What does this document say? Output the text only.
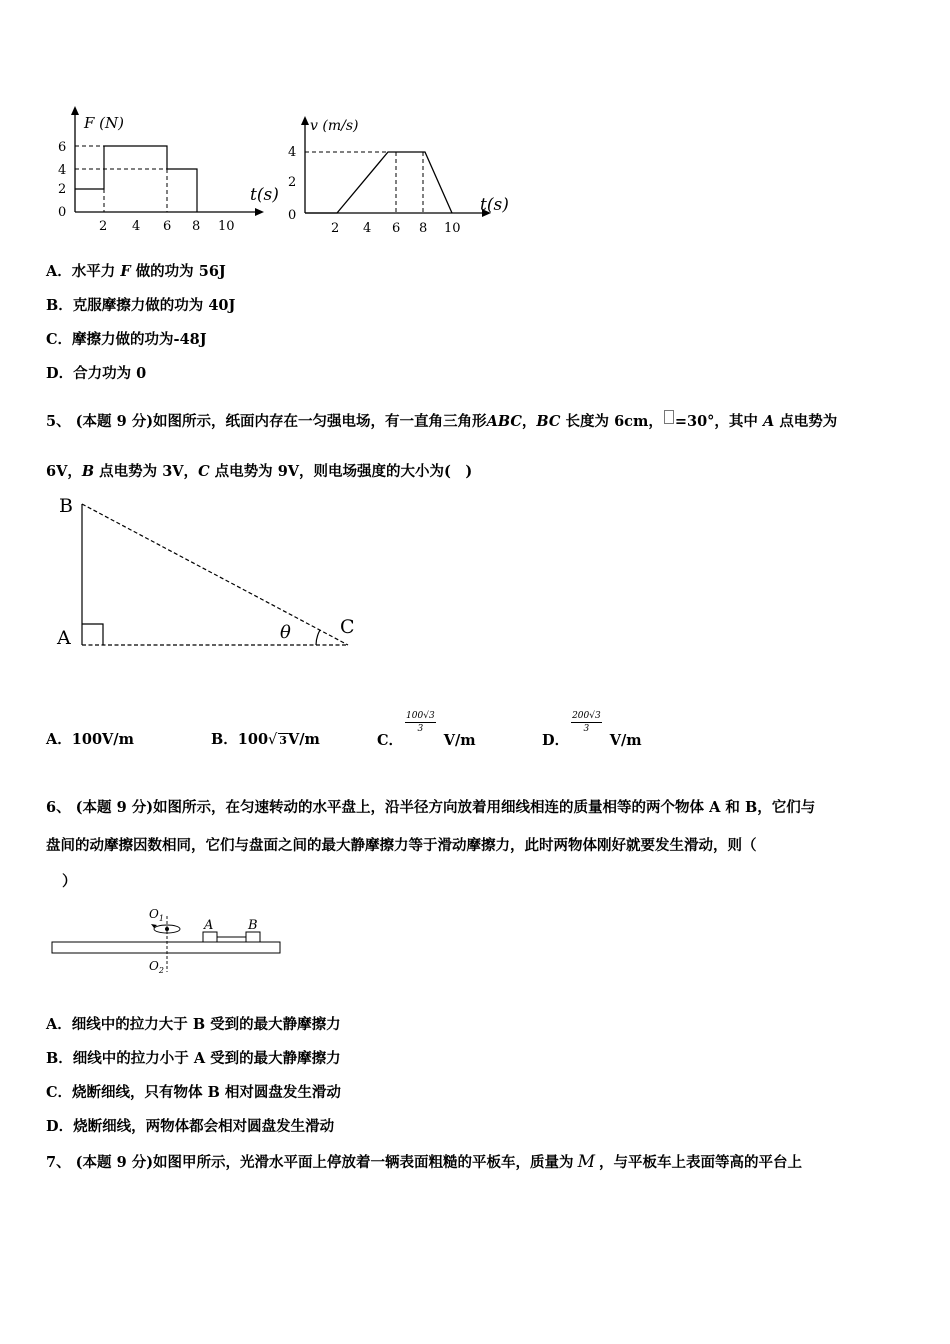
F (N)
t(s)
6
4
2
0
2 4 6 8 10
v (m/s)
t(s)
4
2
0
2 4 6 8 10
A．水平力 F 做的功为 56J
B．克服摩擦力做的功为 40J
C．摩擦力做的功为-48J
D．合力功为 0
5、 (本题 9 分)如图所示，纸面内存在一匀强电场，有一直角三角形ABC，BC 长度为 6cm， =30°，其中 A 点电势为
6V，B 点电势为 3V，C 点电势为 9V，则电场强度的大小为(　)
B
A	C
θ
A．100V/m	B．100√ 3V/m	C．
$\frac{100√3}{3}$
V/m	D．
$\frac{200√3}{3}$
V/m
6、 (本题 9 分)如图所示，在匀速转动的水平盘上，沿半径方向放着用细线相连的质量相等的两个物体 A 和 B，它们与
盘间的动摩擦因数相同，它们与盘面之间的最大静摩擦力等于滑动摩擦力，此时两物体刚好就要发生滑动，则（
）
$O_1$
$O_2$
A	B
A．细线中的拉力大于 B 受到的最大静摩擦力
B．细线中的拉力小于 A 受到的最大静摩擦力
C．烧断细线，只有物体 B 相对圆盘发生滑动
D．烧断细线，两物体都会相对圆盘发生滑动
7、 (本题 9 分)如图甲所示，光滑水平面上停放着一辆表面粗糙的平板车，质量为 M ，与平板车上表面等高的平台上
